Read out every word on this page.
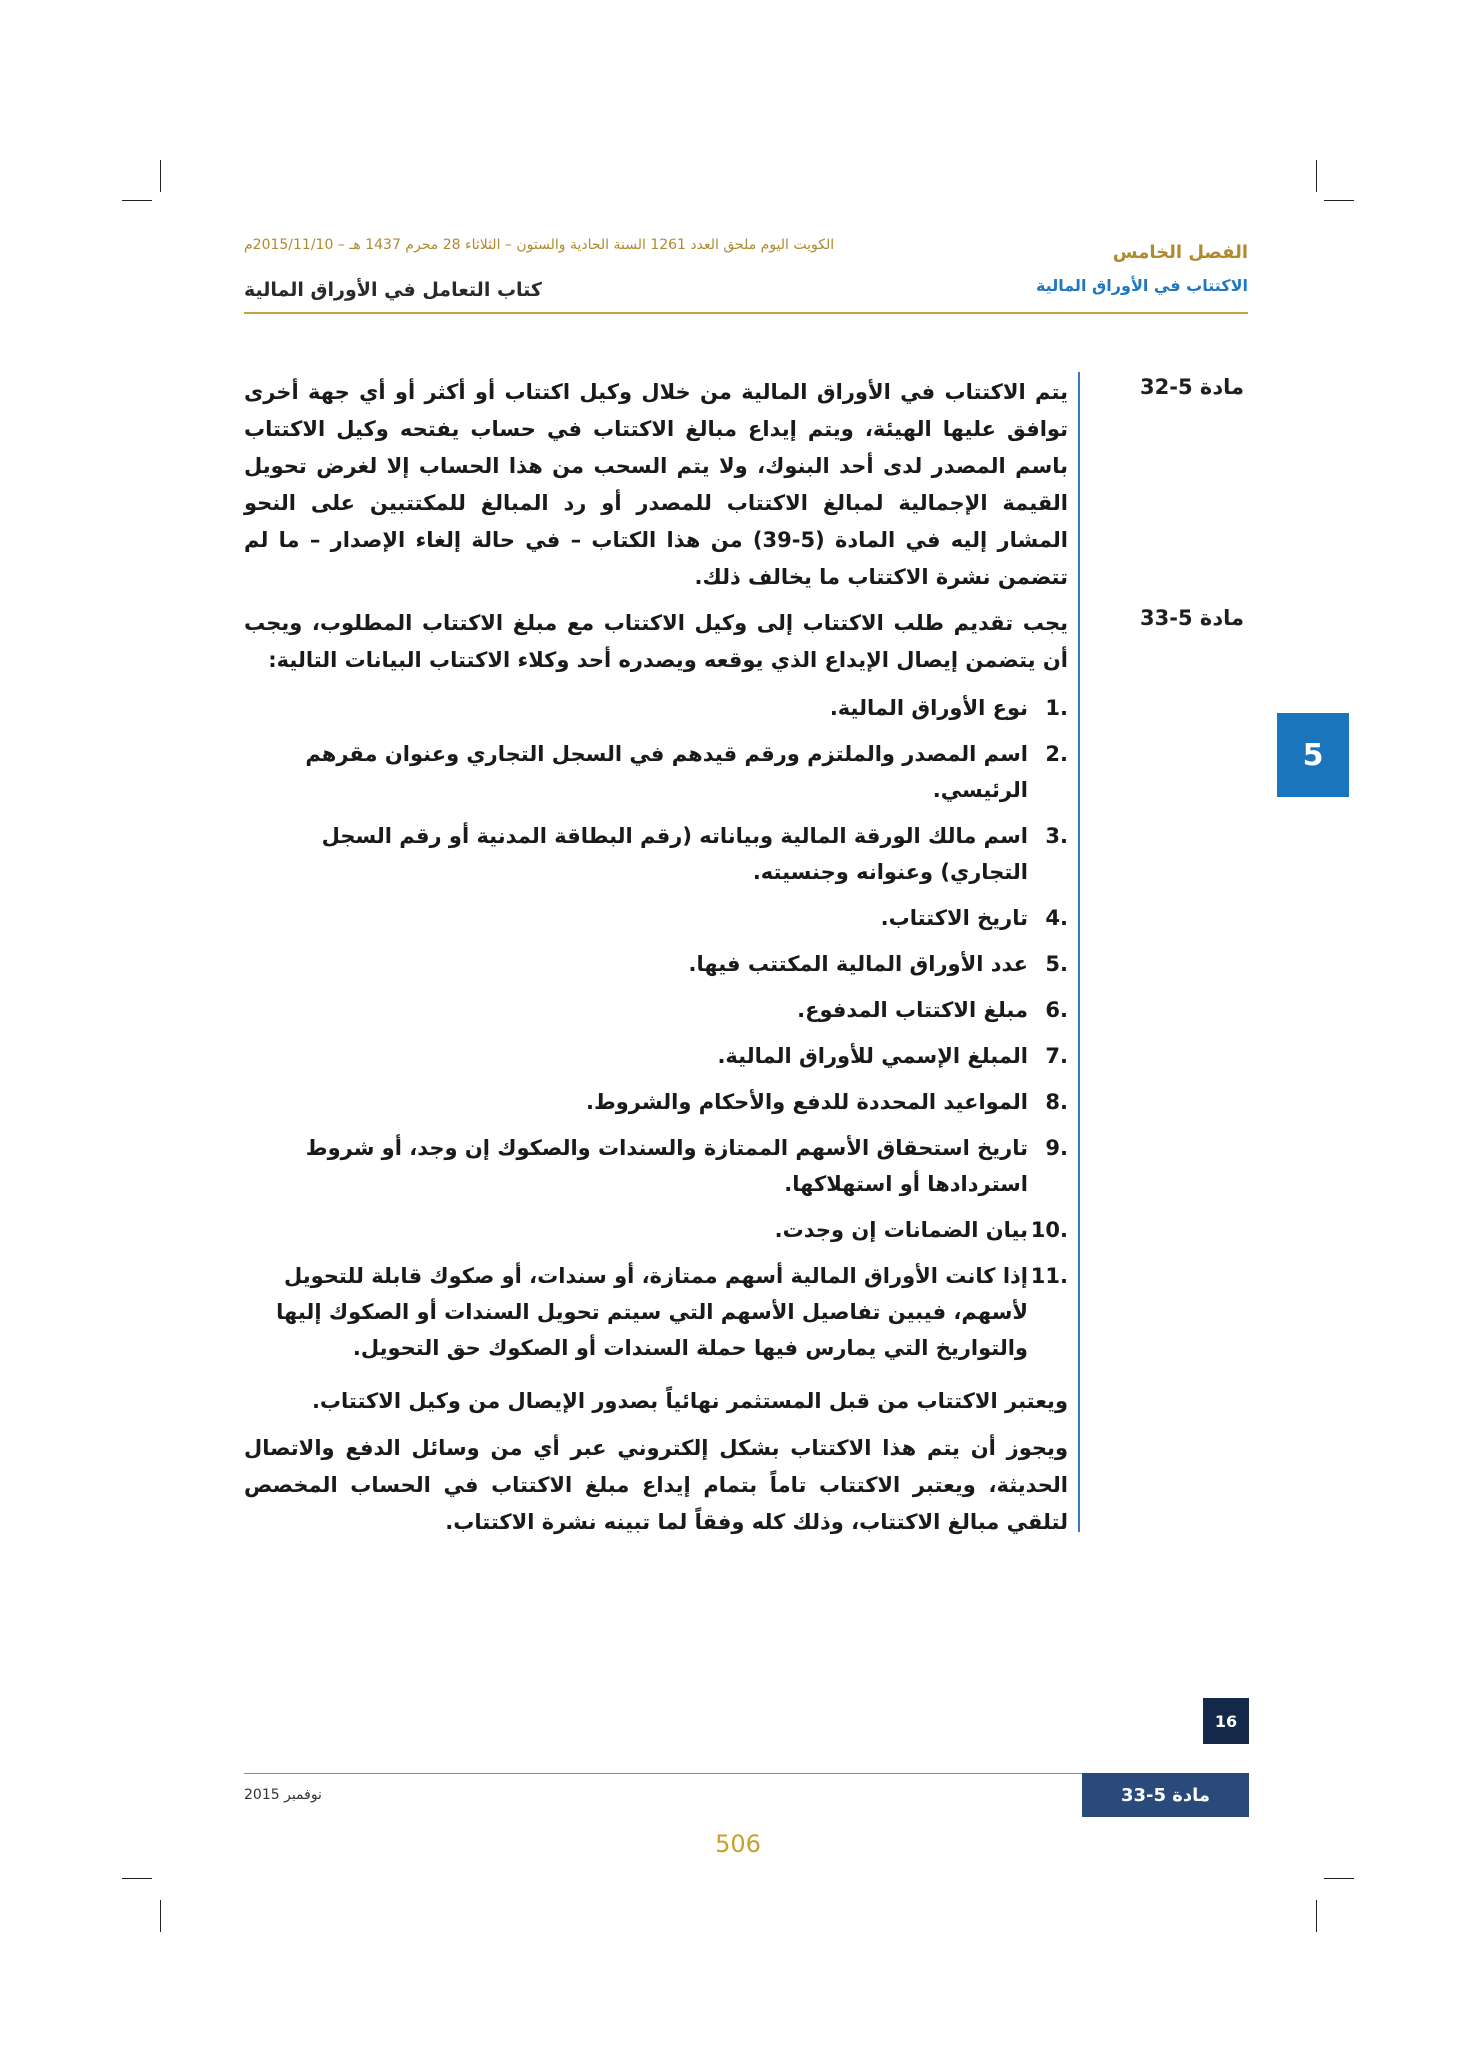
الكويت اليوم ملحق العدد 1261 السنة الحادية والستون – الثلاثاء 28 محرم 1437 هـ – 2015/11/10م
كتاب التعامل في الأوراق المالية
الفصل الخامس
الاكتتاب في الأوراق المالية
مادة 5-32
يتم الاكتتاب في الأوراق المالية من خلال وكيل اكتتاب أو أكثر أو أي جهة أخرى توافق عليها الهيئة، ويتم إيداع مبالغ الاكتتاب في حساب يفتحه وكيل الاكتتاب باسم المصدر لدى أحد البنوك، ولا يتم السحب من هذا الحساب إلا لغرض تحويل القيمة الإجمالية لمبالغ الاكتتاب للمصدر أو رد المبالغ للمكتتبين على النحو المشار إليه في المادة (5-39) من هذا الكتاب – في حالة إلغاء الإصدار – ما لم تتضمن نشرة الاكتتاب ما يخالف ذلك.
مادة 5-33
يجب تقديم طلب الاكتتاب إلى وكيل الاكتتاب مع مبلغ الاكتتاب المطلوب، ويجب أن يتضمن إيصال الإيداع الذي يوقعه ويصدره أحد وكلاء الاكتتاب البيانات التالية:
1.
نوع الأوراق المالية.
2.
اسم المصدر والملتزم ورقم قيدهم في السجل التجاري وعنوان مقرهم الرئيسي.
3.
اسم مالك الورقة المالية وبياناته (رقم البطاقة المدنية أو رقم السجل التجاري) وعنوانه وجنسيته.
4.
تاريخ الاكتتاب.
5.
عدد الأوراق المالية المكتتب فيها.
6.
مبلغ الاكتتاب المدفوع.
7.
المبلغ الإسمي للأوراق المالية.
8.
المواعيد المحددة للدفع والأحكام والشروط.
9.
تاريخ استحقاق الأسهم الممتازة والسندات والصكوك إن وجد، أو شروط استردادها أو استهلاكها.
10.
بيان الضمانات إن وجدت.
11.
إذا كانت الأوراق المالية أسهم ممتازة، أو سندات، أو صكوك قابلة للتحويل لأسهم، فيبين تفاصيل الأسهم التي سيتم تحويل السندات أو الصكوك إليها والتواريخ التي يمارس فيها حملة السندات أو الصكوك حق التحويل.
ويعتبر الاكتتاب من قبل المستثمر نهائياً بصدور الإيصال من وكيل الاكتتاب.
ويجوز أن يتم هذا الاكتتاب بشكل إلكتروني عبر أي من وسائل الدفع والاتصال الحديثة، ويعتبر الاكتتاب تاماً بتمام إيداع مبلغ الاكتتاب في الحساب المخصص لتلقي مبالغ الاكتتاب، وذلك كله وفقاً لما تبينه نشرة الاكتتاب.
5
16
نوفمبر 2015	مادة 5-33
506
